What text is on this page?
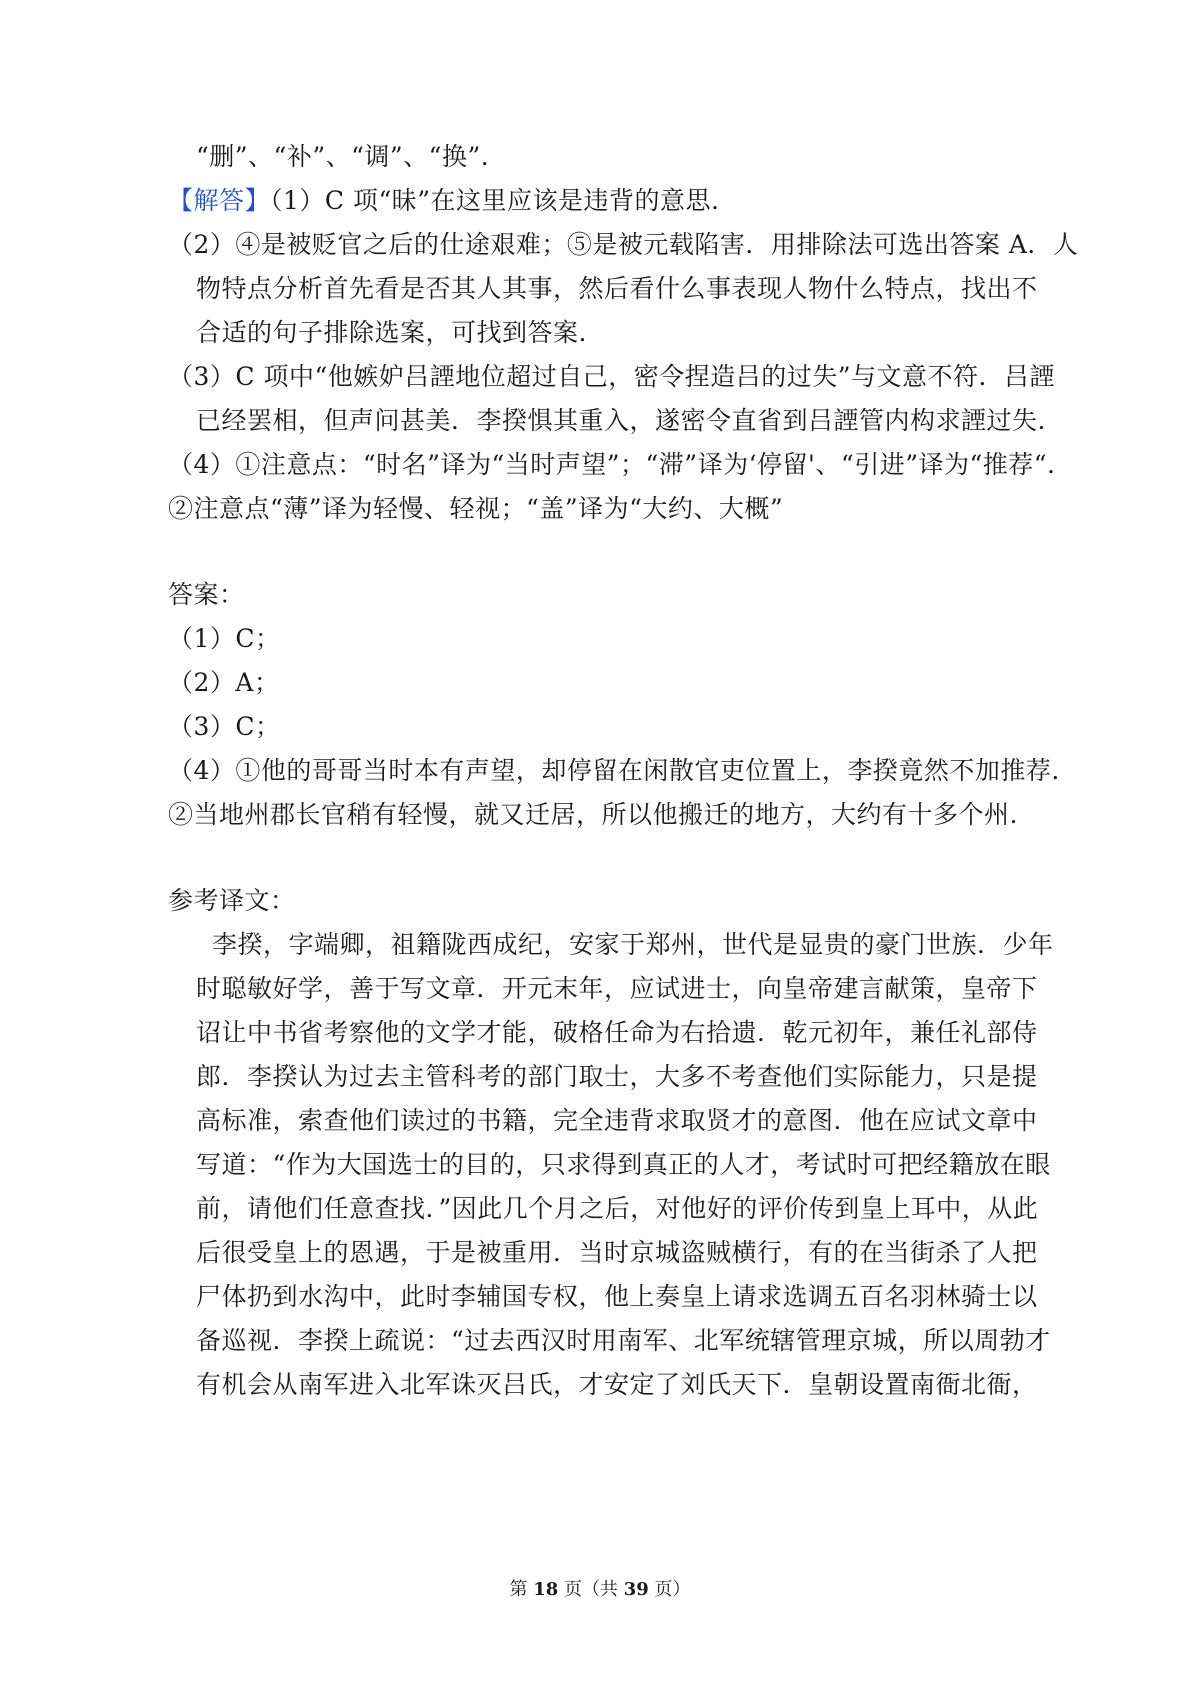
“删”、“补”、“调”、“换”.
【解答】（1）C 项“昧”在这里应该是违背的意思.
（2）④是被贬官之后的仕途艰难；⑤是被元载陷害．用排除法可选出答案 A．人
物特点分析首先看是否其人其事，然后看什么事表现人物什么特点，找出不
合适的句子排除选案，可找到答案.
（3）C 项中“他嫉妒吕諲地位超过自己，密令捏造吕的过失”与文意不符．吕諲
已经罢相，但声问甚美．李揆惧其重入，遂密令直省到吕諲管内构求諲过失.
（4）①注意点：“时名”译为“当时声望”；“滞”译为‘停留'、“引进”译为“推荐“.
②注意点“薄”译为轻慢、轻视；“盖”译为“大约、大概”
答案：
（1）C；
（2）A；
（3）C；
（4）①他的哥哥当时本有声望，却停留在闲散官吏位置上，李揆竟然不加推荐.
②当地州郡长官稍有轻慢，就又迁居，所以他搬迁的地方，大约有十多个州.
参考译文：
李揆，字端卿，祖籍陇西成纪，安家于郑州，世代是显贵的豪门世族．少年
时聪敏好学，善于写文章．开元末年，应试进士，向皇帝建言献策，皇帝下
诏让中书省考察他的文学才能，破格任命为右拾遗．乾元初年，兼任礼部侍
郎．李揆认为过去主管科考的部门取士，大多不考查他们实际能力，只是提
高标准，索查他们读过的书籍，完全违背求取贤才的意图．他在应试文章中
写道：“作为大国选士的目的，只求得到真正的人才，考试时可把经籍放在眼
前，请他们任意查找．”因此几个月之后，对他好的评价传到皇上耳中，从此
后很受皇上的恩遇，于是被重用．当时京城盗贼横行，有的在当街杀了人把
尸体扔到水沟中，此时李辅国专权，他上奏皇上请求选调五百名羽林骑士以
备巡视．李揆上疏说：“过去西汉时用南军、北军统辖管理京城，所以周勃才
有机会从南军进入北军诛灭吕氏，才安定了刘氏天下．皇朝设置南衙北衙，
第 18 页（共 39 页）
